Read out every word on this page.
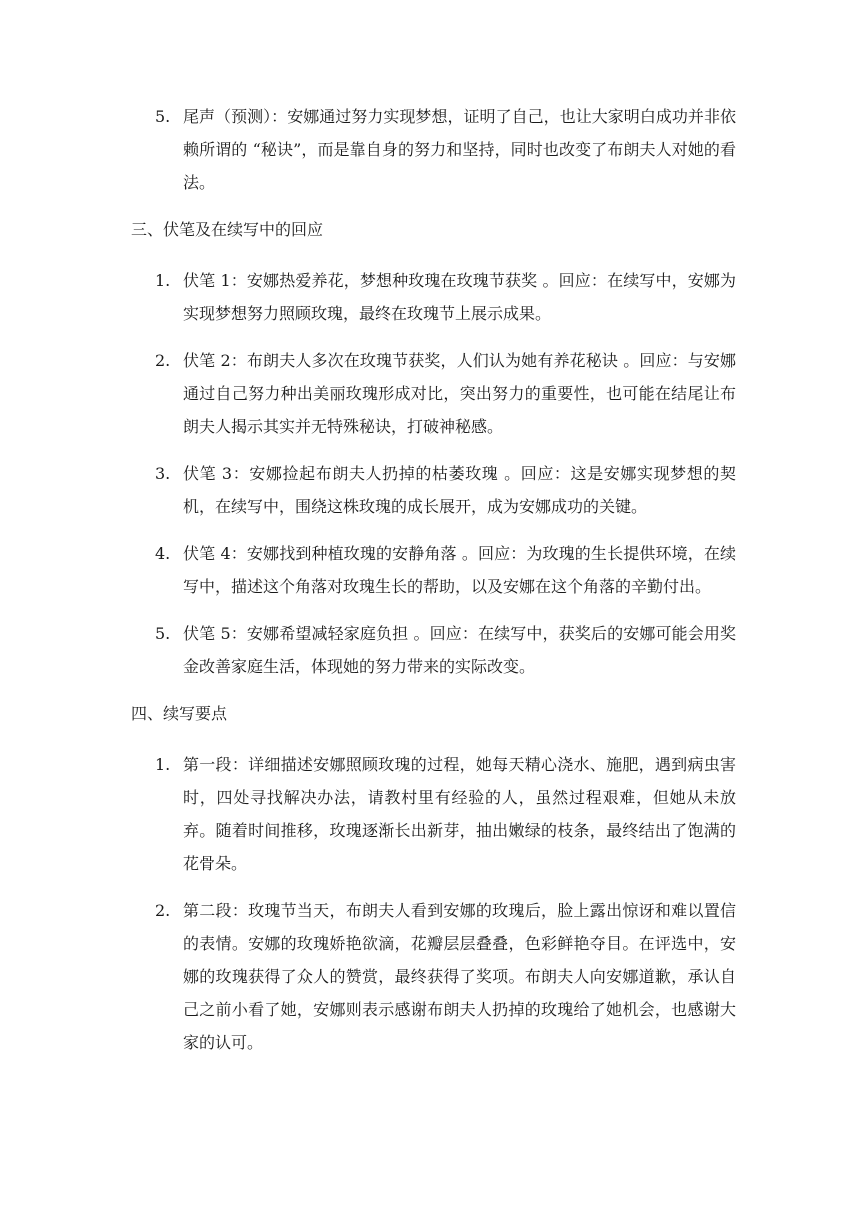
5. 尾声（预测）：安娜通过努力实现梦想，证明了自己，也让大家明白成功并非依赖所谓的 “秘诀”，而是靠自身的努力和坚持，同时也改变了布朗夫人对她的看法。
三、伏笔及在续写中的回应
1. 伏笔 1：安娜热爱养花，梦想种玫瑰在玫瑰节获奖 。回应：在续写中，安娜为实现梦想努力照顾玫瑰，最终在玫瑰节上展示成果。
2. 伏笔 2：布朗夫人多次在玫瑰节获奖，人们认为她有养花秘诀 。回应：与安娜通过自己努力种出美丽玫瑰形成对比，突出努力的重要性，也可能在结尾让布朗夫人揭示其实并无特殊秘诀，打破神秘感。
3. 伏笔 3：安娜捡起布朗夫人扔掉的枯萎玫瑰 。回应：这是安娜实现梦想的契机，在续写中，围绕这株玫瑰的成长展开，成为安娜成功的关键。
4. 伏笔 4：安娜找到种植玫瑰的安静角落 。回应：为玫瑰的生长提供环境，在续写中，描述这个角落对玫瑰生长的帮助，以及安娜在这个角落的辛勤付出。
5. 伏笔 5：安娜希望减轻家庭负担 。回应：在续写中，获奖后的安娜可能会用奖金改善家庭生活，体现她的努力带来的实际改变。
四、续写要点
1. 第一段：详细描述安娜照顾玫瑰的过程，她每天精心浇水、施肥，遇到病虫害时，四处寻找解决办法，请教村里有经验的人，虽然过程艰难，但她从未放弃。随着时间推移，玫瑰逐渐长出新芽，抽出嫩绿的枝条，最终结出了饱满的花骨朵。
2. 第二段：玫瑰节当天，布朗夫人看到安娜的玫瑰后，脸上露出惊讶和难以置信的表情。安娜的玫瑰娇艳欲滴，花瓣层层叠叠，色彩鲜艳夺目。在评选中，安娜的玫瑰获得了众人的赞赏，最终获得了奖项。布朗夫人向安娜道歉，承认自己之前小看了她，安娜则表示感谢布朗夫人扔掉的玫瑰给了她机会，也感谢大家的认可。
